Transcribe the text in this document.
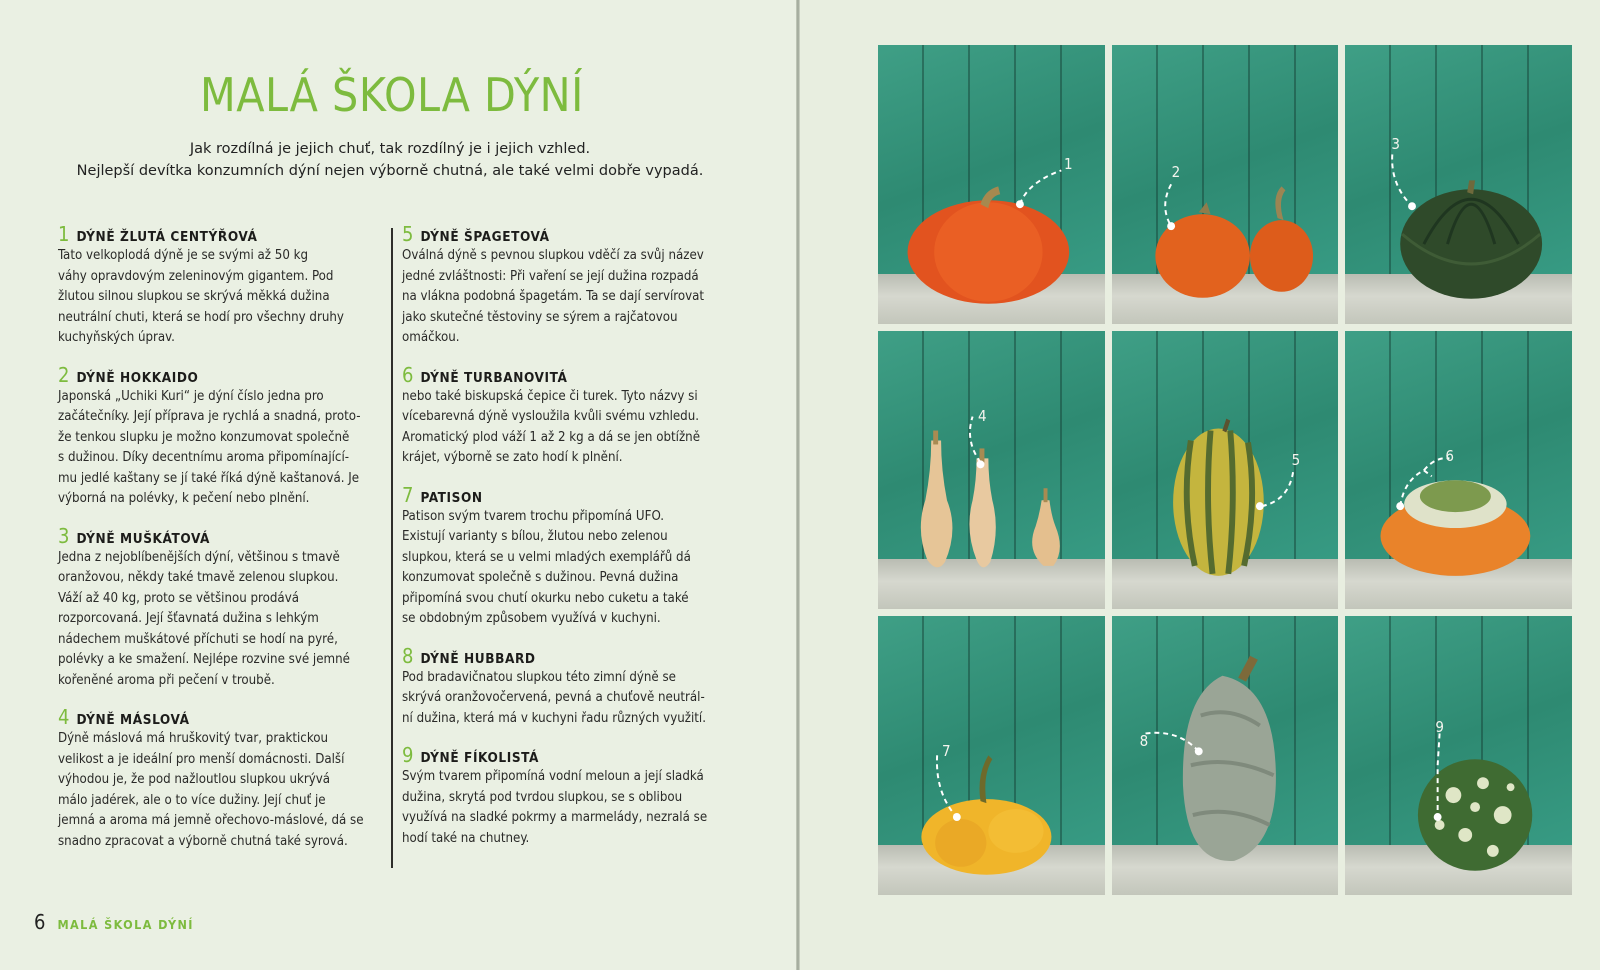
MALÁ ŠKOLA DÝNÍ
Jak rozdílná je jejich chuť, tak rozdílný je i jejich vzhled.
Nejlepší devítka konzumních dýní nejen výborně chutná, ale také velmi dobře vypadá.
1 DÝNĚ ŽLUTÁ CENTÝŘOVÁ
Tato velkoplodá dýně je se svými až 50 kg
váhy opravdovým zeleninovým gigantem. Pod
žlutou silnou slupkou se skrývá měkká dužina
neutrální chuti, která se hodí pro všechny druhy
kuchyňských úprav.
2 DÝNĚ HOKKAIDO
Japonská „Uchiki Kuri“ je dýní číslo jedna pro
začátečníky. Její příprava je rychlá a snadná, proto-
že tenkou slupku je možno konzumovat společně
s dužinou. Díky decentnímu aroma připomínající-
mu jedlé kaštany se jí také říká dýně kaštanová. Je
výborná na polévky, k pečení nebo plnění.
3 DÝNĚ MUŠKÁTOVÁ
Jedna z nejoblíbenějších dýní, většinou s tmavě
oranžovou, někdy také tmavě zelenou slupkou.
Váží až 40 kg, proto se většinou prodává
rozporcovaná. Její šťavnatá dužina s lehkým
nádechem muškátové příchuti se hodí na pyré,
polévky a ke smažení. Nejlépe rozvine své jemné
kořeněné aroma při pečení v troubě.
4 DÝNĚ MÁSLOVÁ
Dýně máslová má hruškovitý tvar, praktickou
velikost a je ideální pro menší domácnosti. Další
výhodou je, že pod nažloutlou slupkou ukrývá
málo jadérek, ale o to více dužiny. Její chuť je
jemná a aroma má jemně ořechovo-máslové, dá se
snadno zpracovat a výborně chutná také syrová.
5 DÝNĚ ŠPAGETOVÁ
Oválná dýně s pevnou slupkou vděčí za svůj název
jedné zvláštnosti: Při vaření se její dužina rozpadá
na vlákna podobná špagetám. Ta se dají servírovat
jako skutečné těstoviny se sýrem a rajčatovou
omáčkou.
6 DÝNĚ TURBANOVITÁ
nebo také biskupská čepice či turek. Tyto názvy si
vícebarevná dýně vysloužila kvůli svému vzhledu.
Aromatický plod váží 1 až 2 kg a dá se jen obtížně
krájet, výborně se zato hodí k plnění.
7 PATISON
Patison svým tvarem trochu připomíná UFO.
Existují varianty s bílou, žlutou nebo zelenou
slupkou, která se u velmi mladých exemplářů dá
konzumovat společně s dužinou. Pevná dužina
připomíná svou chutí okurku nebo cuketu a také
se obdobným způsobem využívá v kuchyni.
8 DÝNĚ HUBBARD
Pod bradavičnatou slupkou této zimní dýně se
skrývá oranžovočervená, pevná a chuťově neutrál-
ní dužina, která má v kuchyni řadu různých využití.
9 DÝNĚ FÍKOLISTÁ
Svým tvarem připomíná vodní meloun a její sladká
dužina, skrytá pod tvrdou slupkou, se s oblibou
využívá na sladké pokrmy a marmelády, nezralá se
hodí také na chutney.
6 MALÁ ŠKOLA DÝNÍ
1	2
3
4
5	6
7
8
9
